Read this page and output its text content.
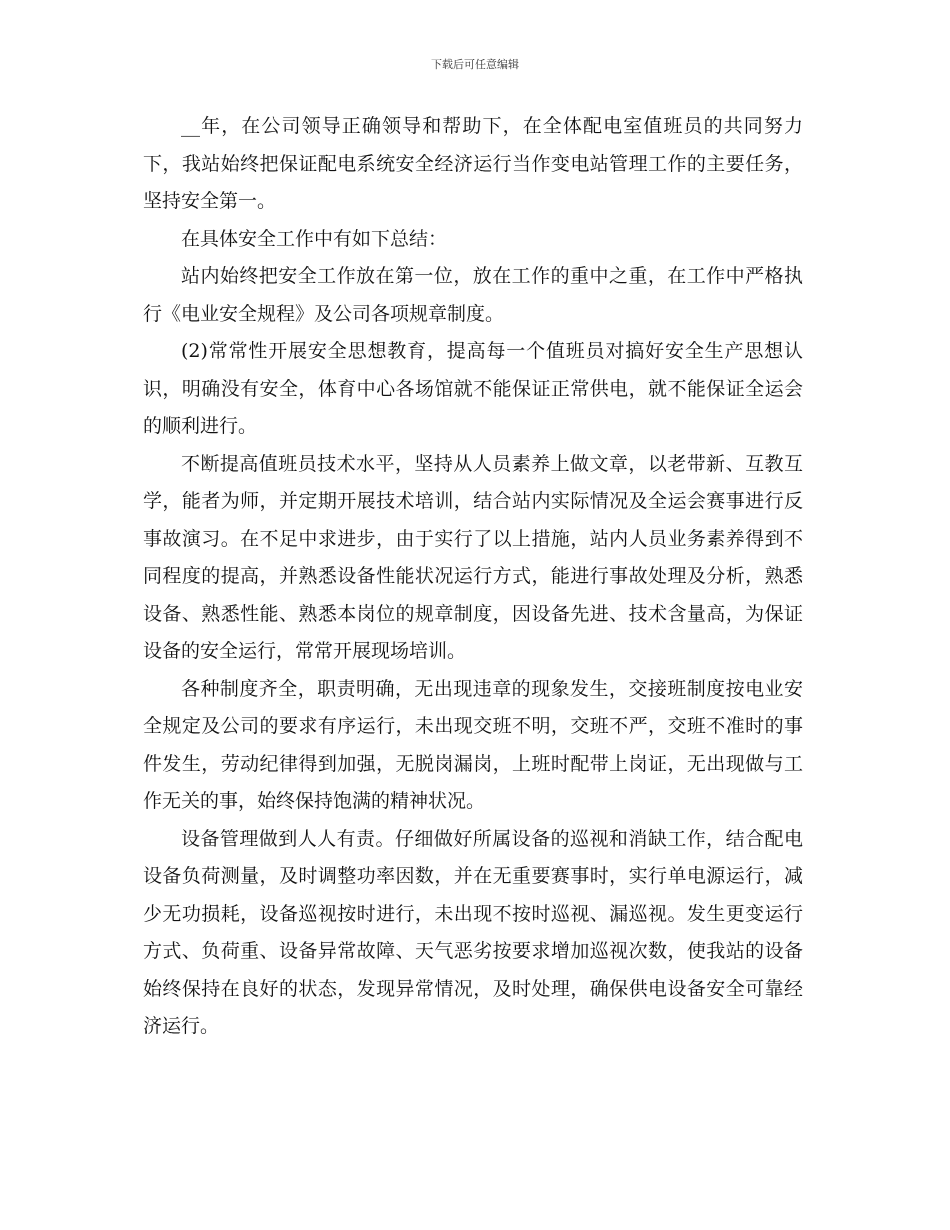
下载后可任意编辑

__年，在公司领导正确领导和帮助下，在全体配电室值班员的共同努力下，我站始终把保证配电系统安全经济运行当作变电站管理工作的主要任务，坚持安全第一。

在具体安全工作中有如下总结：

站内始终把安全工作放在第一位，放在工作的重中之重，在工作中严格执行《电业安全规程》及公司各项规章制度。

(2)常常性开展安全思想教育，提高每一个值班员对搞好安全生产思想认识，明确没有安全，体育中心各场馆就不能保证正常供电，就不能保证全运会的顺利进行。

不断提高值班员技术水平，坚持从人员素养上做文章，以老带新、互教互学，能者为师，并定期开展技术培训，结合站内实际情况及全运会赛事进行反事故演习。在不足中求进步，由于实行了以上措施，站内人员业务素养得到不同程度的提高，并熟悉设备性能状况运行方式，能进行事故处理及分析，熟悉设备、熟悉性能、熟悉本岗位的规章制度，因设备先进、技术含量高，为保证设备的安全运行，常常开展现场培训。

各种制度齐全，职责明确，无出现违章的现象发生，交接班制度按电业安全规定及公司的要求有序运行，未出现交班不明，交班不严，交班不准时的事件发生，劳动纪律得到加强，无脱岗漏岗，上班时配带上岗证，无出现做与工作无关的事，始终保持饱满的精神状况。

设备管理做到人人有责。仔细做好所属设备的巡视和消缺工作，结合配电设备负荷测量，及时调整功率因数，并在无重要赛事时，实行单电源运行，减少无功损耗，设备巡视按时进行，未出现不按时巡视、漏巡视。发生更变运行方式、负荷重、设备异常故障、天气恶劣按要求增加巡视次数，使我站的设备始终保持在良好的状态，发现异常情况，及时处理，确保供电设备安全可靠经济运行。
